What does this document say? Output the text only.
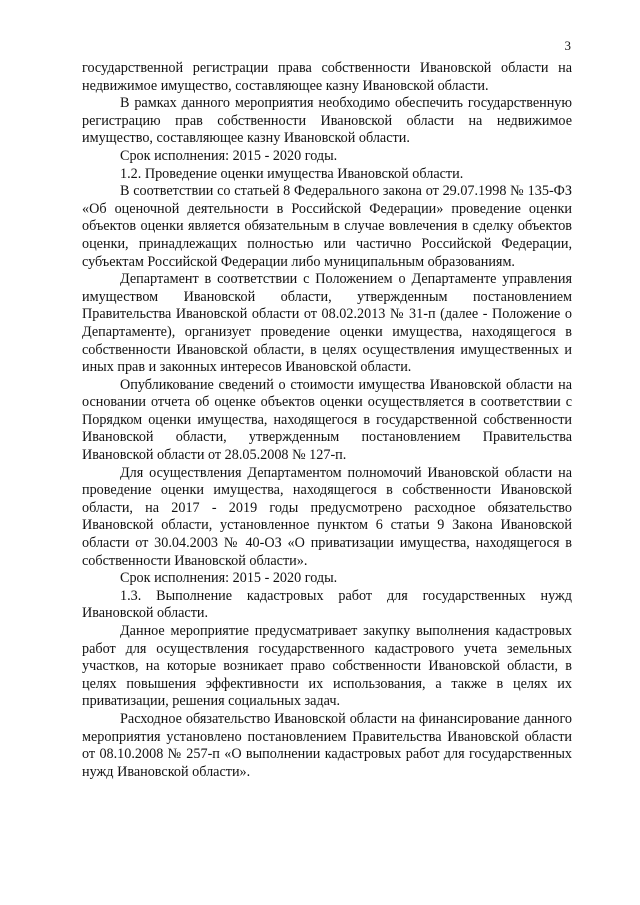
3

государственной регистрации права собственности Ивановской области на недвижимое имущество, составляющее казну Ивановской области.

В рамках данного мероприятия необходимо обеспечить государственную регистрацию прав собственности Ивановской области на недвижимое имущество, составляющее казну Ивановской области.

Срок исполнения: 2015 - 2020 годы.

1.2. Проведение оценки имущества Ивановской области.

В соответствии со статьей 8 Федерального закона от 29.07.1998 № 135-ФЗ «Об оценочной деятельности в Российской Федерации» проведение оценки объектов оценки является обязательным в случае вовлечения в сделку объектов оценки, принадлежащих полностью или частично Российской Федерации, субъектам Российской Федерации либо муниципальным образованиям.

Департамент в соответствии с Положением о Департаменте управления имуществом Ивановской области, утвержденным постановлением Правительства Ивановской области от 08.02.2013 № 31-п (далее - Положение о Департаменте), организует проведение оценки имущества, находящегося в собственности Ивановской области, в целях осуществления имущественных и иных прав и законных интересов Ивановской области.

Опубликование сведений о стоимости имущества Ивановской области на основании отчета об оценке объектов оценки осуществляется в соответствии с Порядком оценки имущества, находящегося в государственной собственности Ивановской области, утвержденным постановлением Правительства Ивановской области от 28.05.2008 № 127-п.

Для осуществления Департаментом полномочий Ивановской области на проведение оценки имущества, находящегося в собственности Ивановской области, на 2017 - 2019 годы предусмотрено расходное обязательство Ивановской области, установленное пунктом 6 статьи 9 Закона Ивановской области от 30.04.2003 № 40-ОЗ «О приватизации имущества, находящегося в собственности Ивановской области».

Срок исполнения: 2015 - 2020 годы.

1.3. Выполнение кадастровых работ для государственных нужд Ивановской области.

Данное мероприятие предусматривает закупку выполнения кадастровых работ для осуществления государственного кадастрового учета земельных участков, на которые возникает право собственности Ивановской области, в целях повышения эффективности их использования, а также в целях их приватизации, решения социальных задач.

Расходное обязательство Ивановской области на финансирование данного мероприятия установлено постановлением Правительства Ивановской области от 08.10.2008 № 257-п «О выполнении кадастровых работ для государственных нужд Ивановской области».
